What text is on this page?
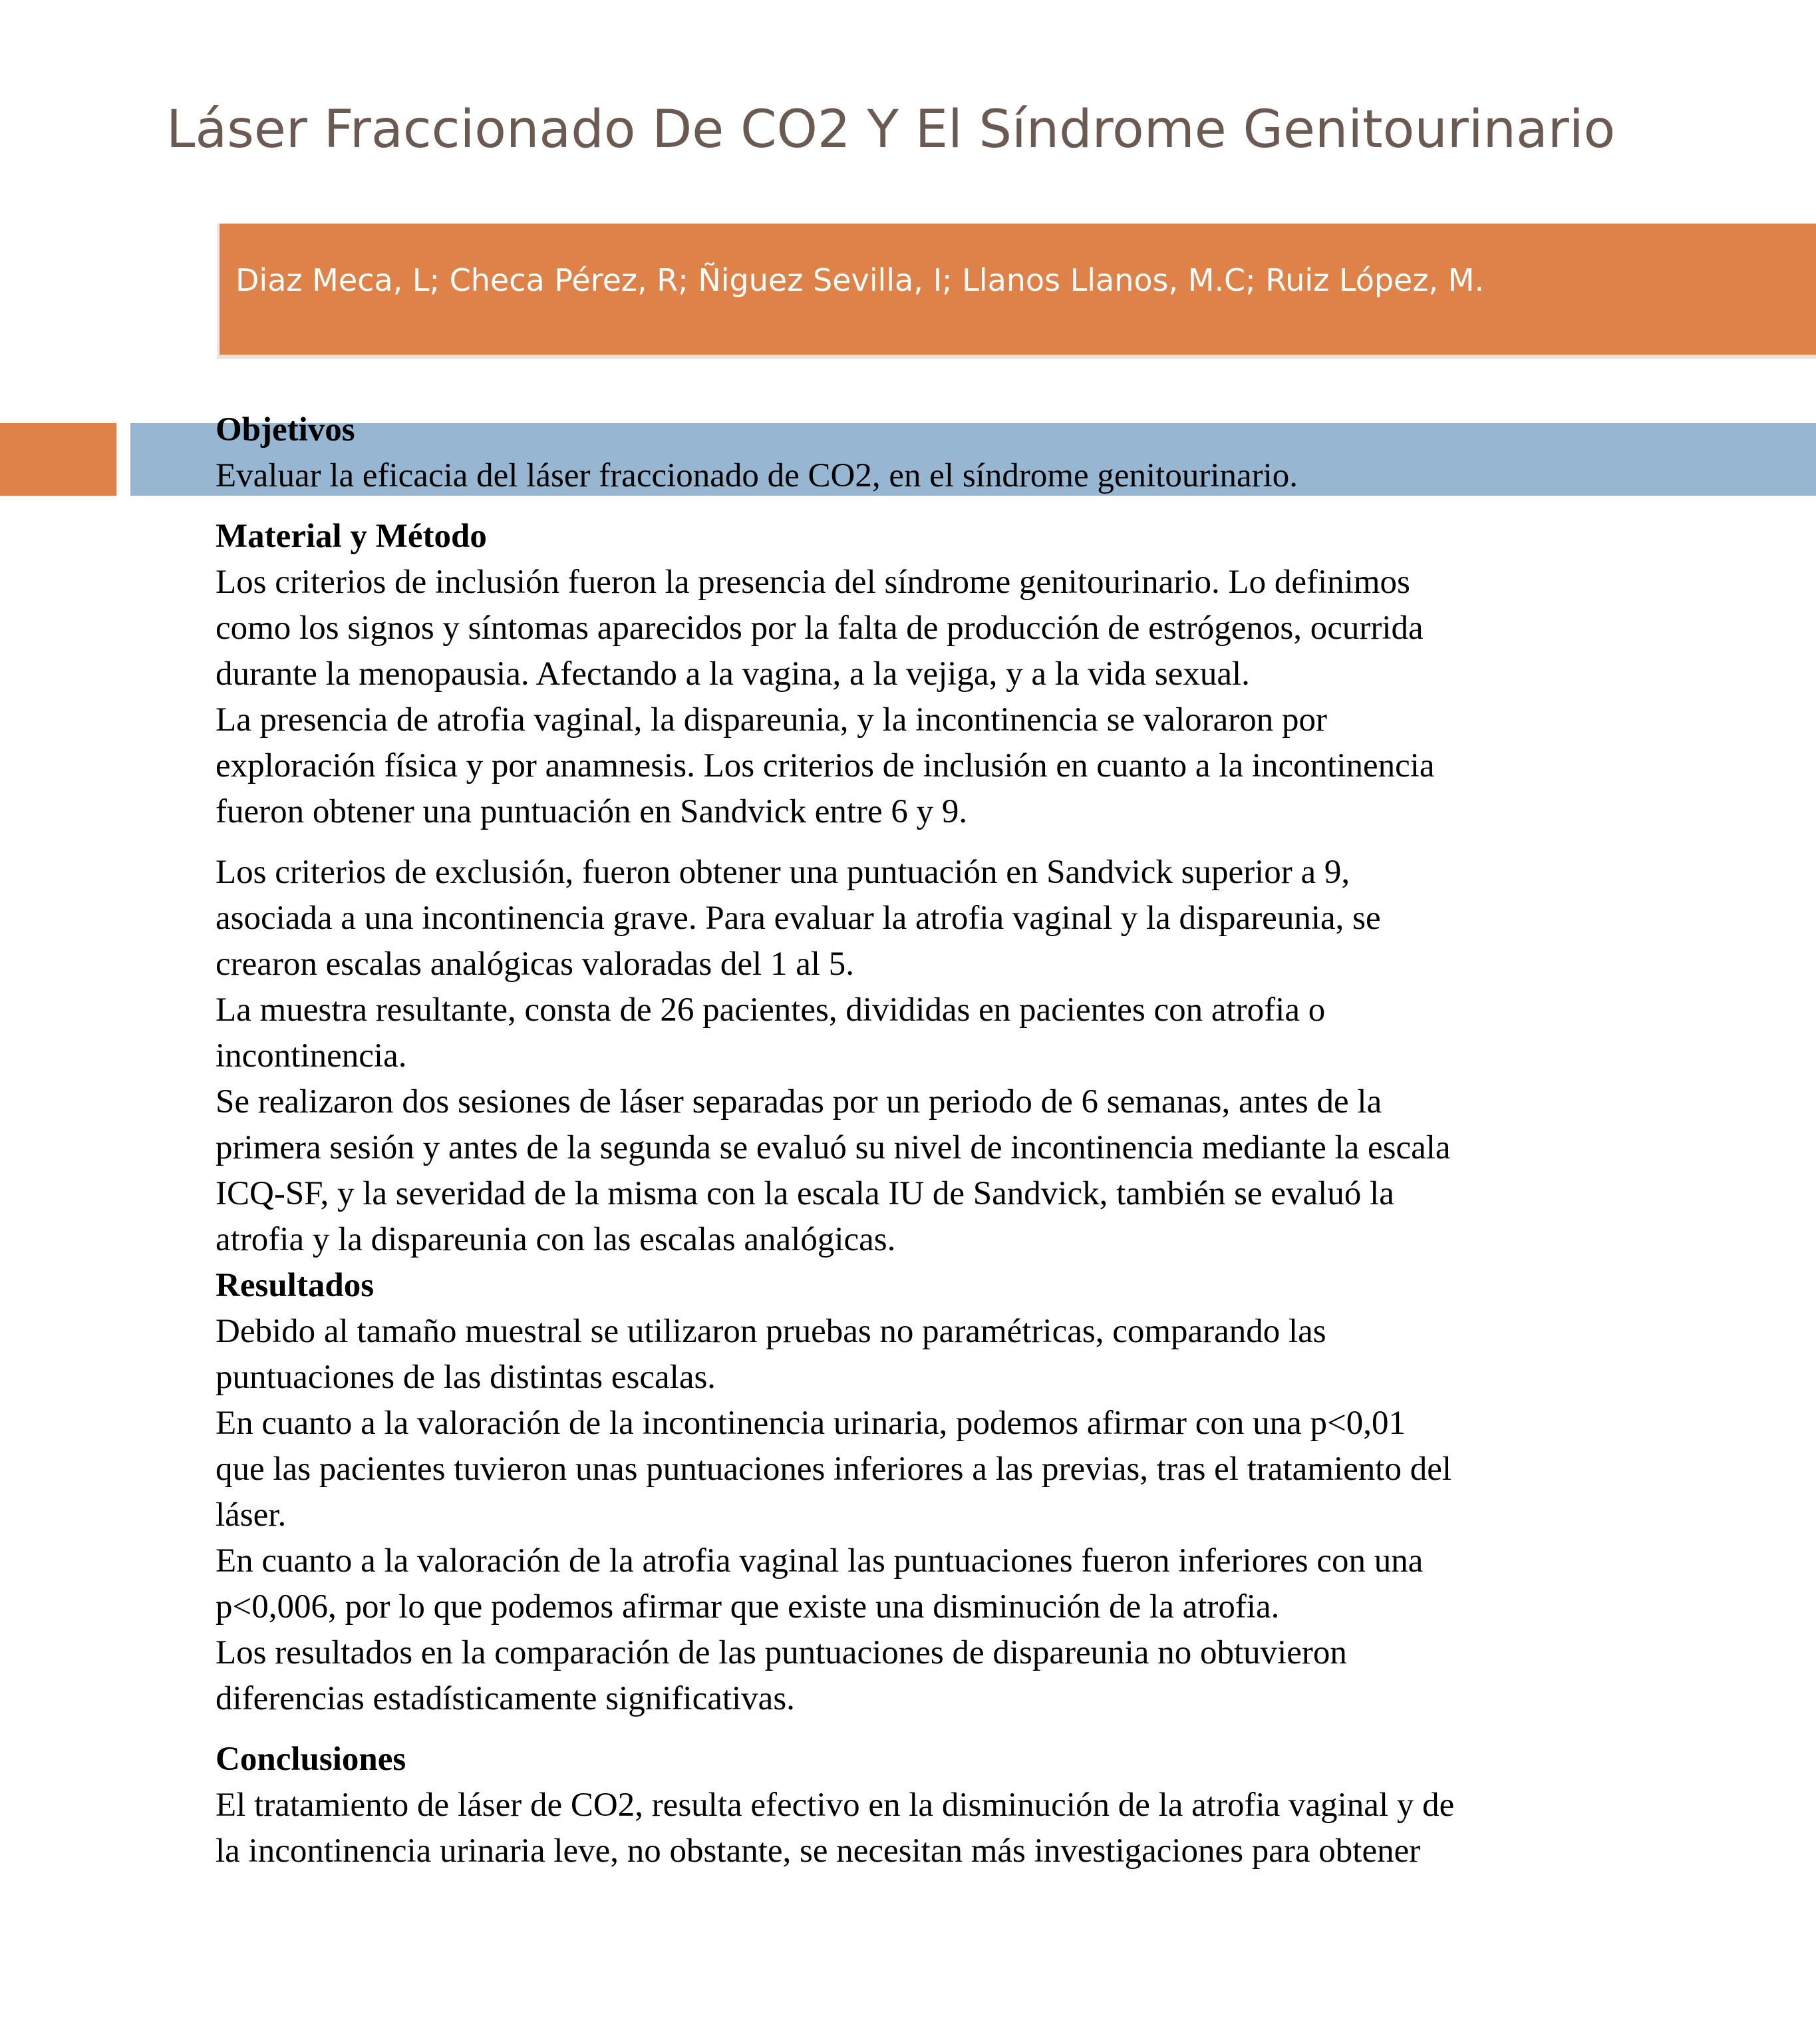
Láser Fraccionado De CO2 Y El Síndrome Genitourinario
Diaz Meca, L; Checa Pérez, R; Ñiguez Sevilla, I; Llanos Llanos, M.C; Ruiz López, M.
Objetivos

Evaluar la eficacia del láser fraccionado de CO2, en el síndrome genitourinario.

Material y Método

Los criterios de inclusión fueron la presencia del síndrome genitourinario. Lo definimos

como los signos y síntomas aparecidos por la falta de producción de estrógenos, ocurrida

durante la menopausia. Afectando a la vagina, a la vejiga, y a la vida sexual.

La presencia de atrofia vaginal, la dispareunia, y la incontinencia se valoraron por

exploración física y por anamnesis. Los criterios de inclusión en cuanto a la incontinencia

fueron obtener una puntuación en Sandvick entre 6 y 9.

Los criterios de exclusión, fueron obtener una puntuación en Sandvick superior a 9,

asociada a una incontinencia grave. Para evaluar la atrofia vaginal y la dispareunia, se

crearon escalas analógicas valoradas del 1 al 5.

La muestra resultante, consta de 26 pacientes, divididas en pacientes con atrofia o

incontinencia.

Se realizaron dos sesiones de láser separadas por un periodo de 6 semanas, antes de la

primera sesión y antes de la segunda se evaluó su nivel de incontinencia mediante la escala

ICQ-SF, y la severidad de la misma con la escala IU de Sandvick, también se evaluó la

atrofia y la dispareunia con las escalas analógicas.

Resultados

Debido al tamaño muestral se utilizaron pruebas no paramétricas, comparando las

puntuaciones de las distintas escalas.

En cuanto a la valoración de la incontinencia urinaria, podemos afirmar con una p<0,01

que las pacientes tuvieron unas puntuaciones inferiores a las previas, tras el tratamiento del

láser.

En cuanto a la valoración de la atrofia vaginal las puntuaciones fueron inferiores con una

p<0,006, por lo que podemos afirmar que existe una disminución de la atrofia.

Los resultados en la comparación de las puntuaciones de dispareunia no obtuvieron

diferencias estadísticamente significativas.

Conclusiones

El tratamiento de láser de CO2, resulta efectivo en la disminución de la atrofia vaginal y de

la incontinencia urinaria leve, no obstante, se necesitan más investigaciones para obtener
